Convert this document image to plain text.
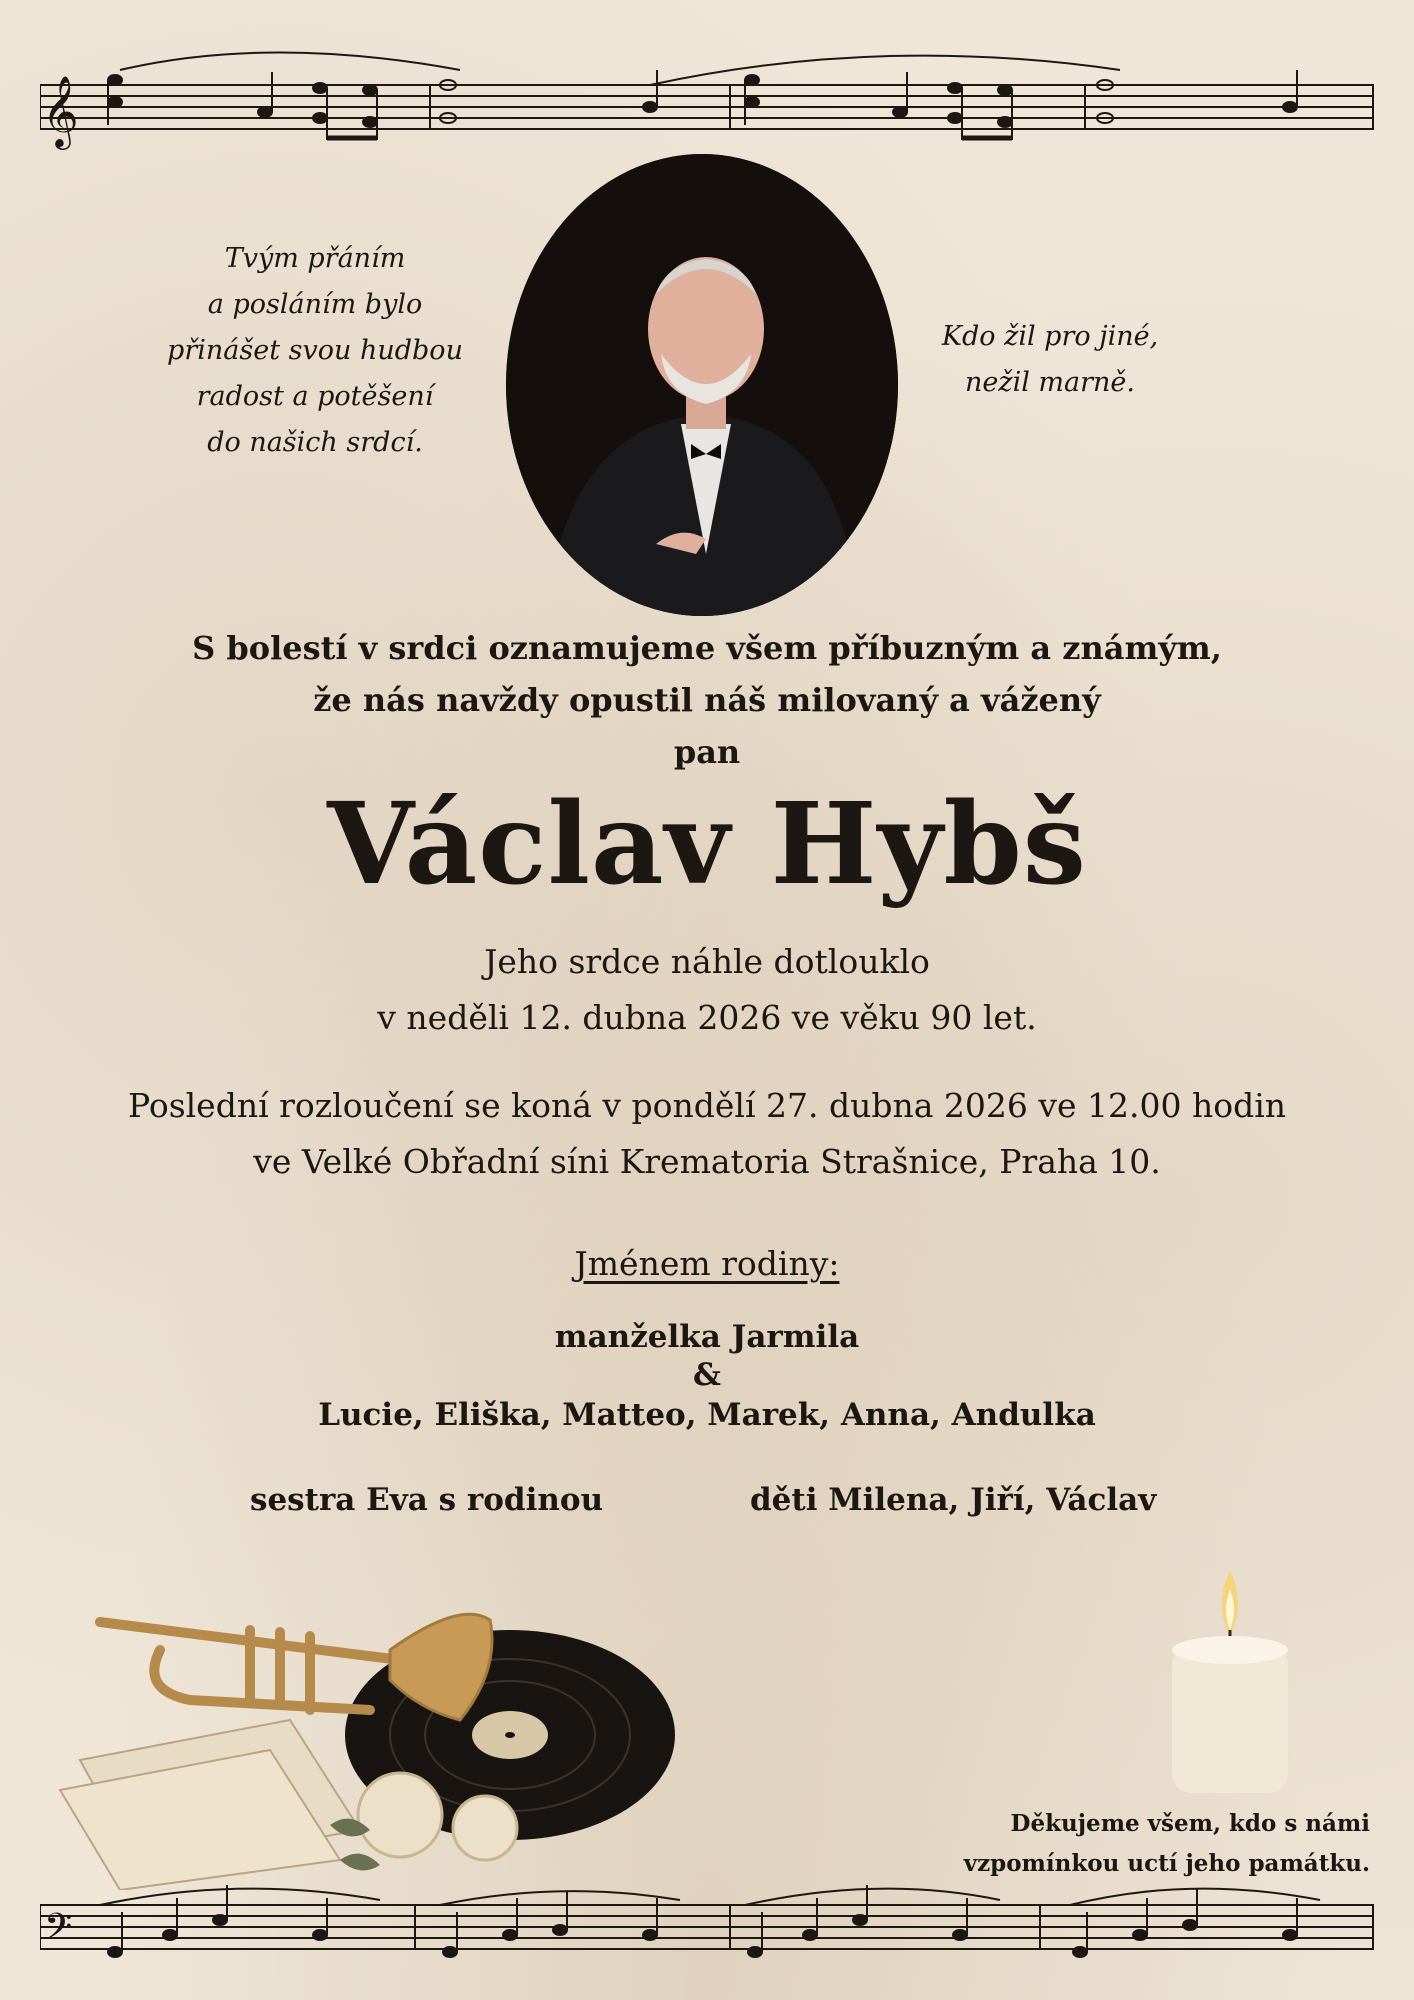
𝄞
Tvým přáním
a posláním bylo
přinášet svou hudbou
radost a potěšení
do našich srdcí.
Kdo žil pro jiné,
nežil marně.
S bolestí v srdci oznamujeme všem příbuzným a známým,
že nás navždy opustil náš milovaný a vážený
pan
Václav Hybš
Jeho srdce náhle dotlouklo
v neděli 12. dubna 2026 ve věku 90 let.
Poslední rozloučení se koná v pondělí 27. dubna 2026 ve 12.00 hodin
ve Velké Obřadní síni Krematoria Strašnice, Praha 10.
Jménem rodiny:
manželka Jarmila
&
Lucie, Eliška, Matteo, Marek, Anna, Andulka
sestra Eva s rodinou	děti Milena, Jiří, Václav
Děkujeme všem, kdo s námi
vzpomínkou uctí jeho památku.
𝄢
